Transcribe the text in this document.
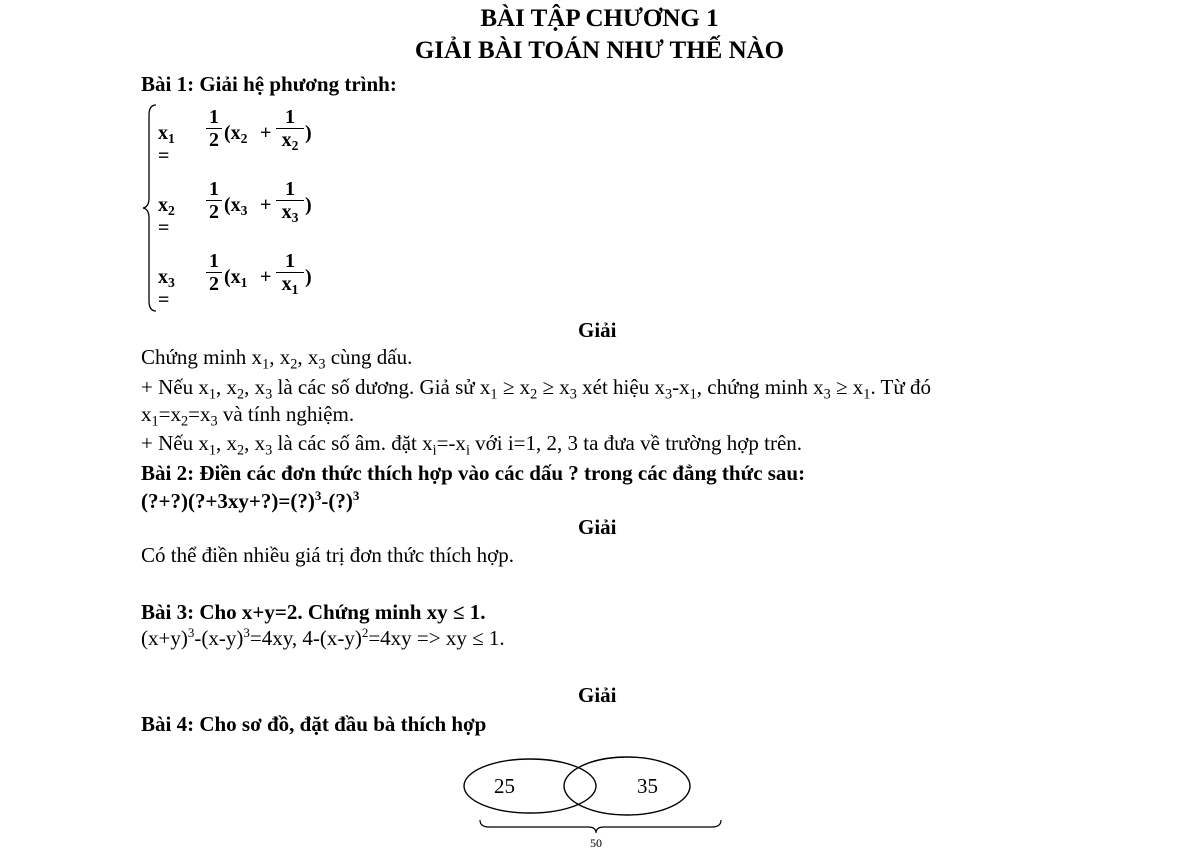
BÀI TẬP CHƯƠNG 1
GIẢI BÀI TOÁN NHƯ THẾ NÀO
Bài 1: Giải hệ phương trình:
$x_1$ =
1
2 ($x_2$ +
1
$x_2$
)
$x_2$ =
1
2 ($x_3$ +
1
$x_3$
)
$x_3$ =
1
2 ($x_1$ +
1
$x_1$
)
Giải
Chứng minh $x_1$, $x_2$, $x_3$ cùng dấu.
+ Nếu $x_1$, $x_2$, $x_3$ là các số dương. Giả sử $x_1 \ge x_2 \ge x_3$ xét hiệu $x_3-x_1$, chứng minh $x_3 \ge x_1$. Từ đó
$x_1=x_2=x_3$ và tính nghiệm.
+ Nếu $x_1$, $x_2$, $x_3$ là các số âm. đặt $x_i=-x_i$ với i=1, 2, 3 ta đưa về trường hợp trên.
Bài 2: Điền các đơn thức thích hợp vào các dấu ? trong các đẳng thức sau:
(?+?)(?+3xy+?)=(?)$^3$-(?)$^3$
Giải
Có thể điền nhiều giá trị đơn thức thích hợp.
Bài 3: Cho x+y=2. Chứng minh xy ≤ 1.
$(x+y)^3-(x-y)^3=4xy$, $4-(x-y)^2=4xy$ => xy ≤ 1.
Giải
Bài 4: Cho sơ đồ, đặt đầu bà thích hợp
25	35
50
